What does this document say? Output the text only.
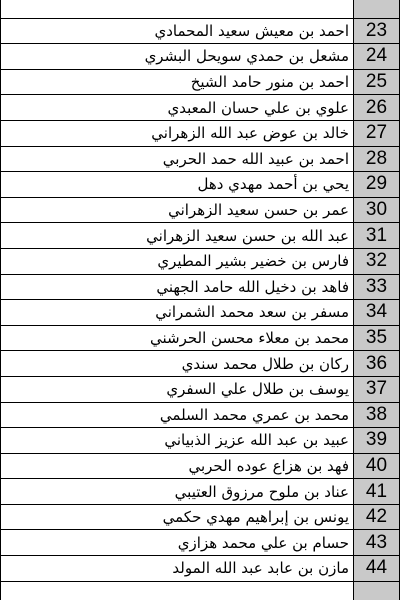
احمد بن معيش سعيد المحمادي	23
مشعل بن حمدي سويحل البشري	24
احمد بن منور حامد الشيخ	25
علوي بن علي حسان المعبدي	26
خالد بن عوض عبد الله الزهراني	27
احمد بن عبيد الله حمد الحربي	28
يحي بن أحمد مهدي دهل	29
عمر بن حسن سعيد الزهراني	30
عبد الله بن حسن سعيد الزهراني	31
فارس بن خضير بشير المطيري	32
فاهد بن دخيل الله حامد الجهني	33
مسفر بن سعد محمد الشمراني	34
محمد بن معلاء محسن الحرشني	35
ركان بن طلال محمد سندي	36
يوسف بن طلال علي السفري	37
محمد بن عمري محمد السلمي	38
عبيد بن عبد الله عزيز الذبياني	39
فهد بن هزاع عوده الحربي	40
عناد بن ملوح مرزوق العتيبي	41
يونس بن إبراهيم مهدي حكمي	42
حسام بن علي محمد هزازي	43
مازن بن عابد عبد الله المولد	44
